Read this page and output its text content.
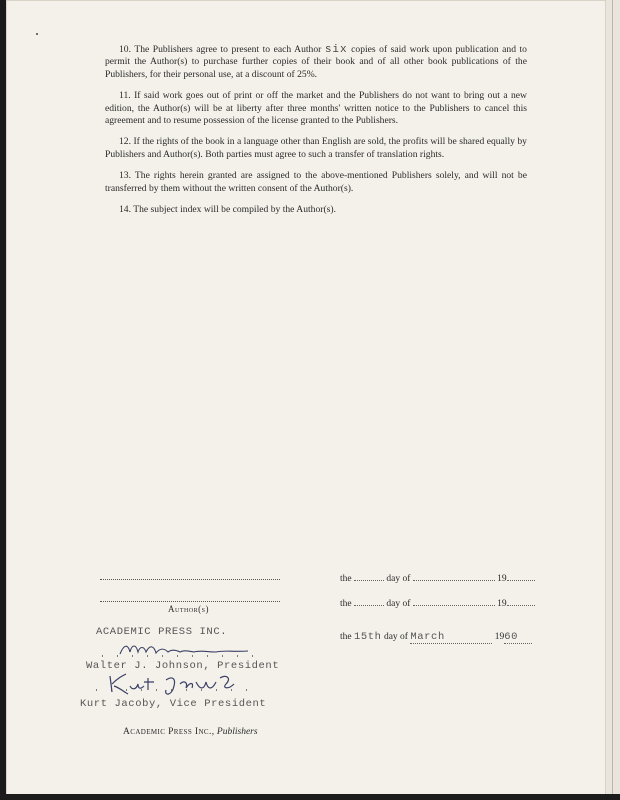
10. The Publishers agree to present to each Author six copies of said work upon publication and to permit the Author(s) to purchase further copies of their book and of all other book publications of the Publishers, for their personal use, at a discount of 25%.

11. If said work goes out of print or off the market and the Publishers do not want to bring out a new edition, the Author(s) will be at liberty after three months' written notice to the Publishers to cancel this agreement and to resume possession of the license granted to the Publishers.

12. If the rights of the book in a language other than English are sold, the profits will be shared equally by Publishers and Author(s). Both parties must agree to such a transfer of translation rights.

13. The rights herein granted are assigned to the above-mentioned Publishers solely, and will not be transferred by them without the written consent of the Author(s).

14. The subject index will be compiled by the Author(s).

Author(s)
the	day of	19
the	day of	19
the 15th day of March	1960
ACADEMIC PRESS INC.
Walter J. Johnson, President
Kurt Jacoby, Vice President
Academic Press Inc., Publishers
